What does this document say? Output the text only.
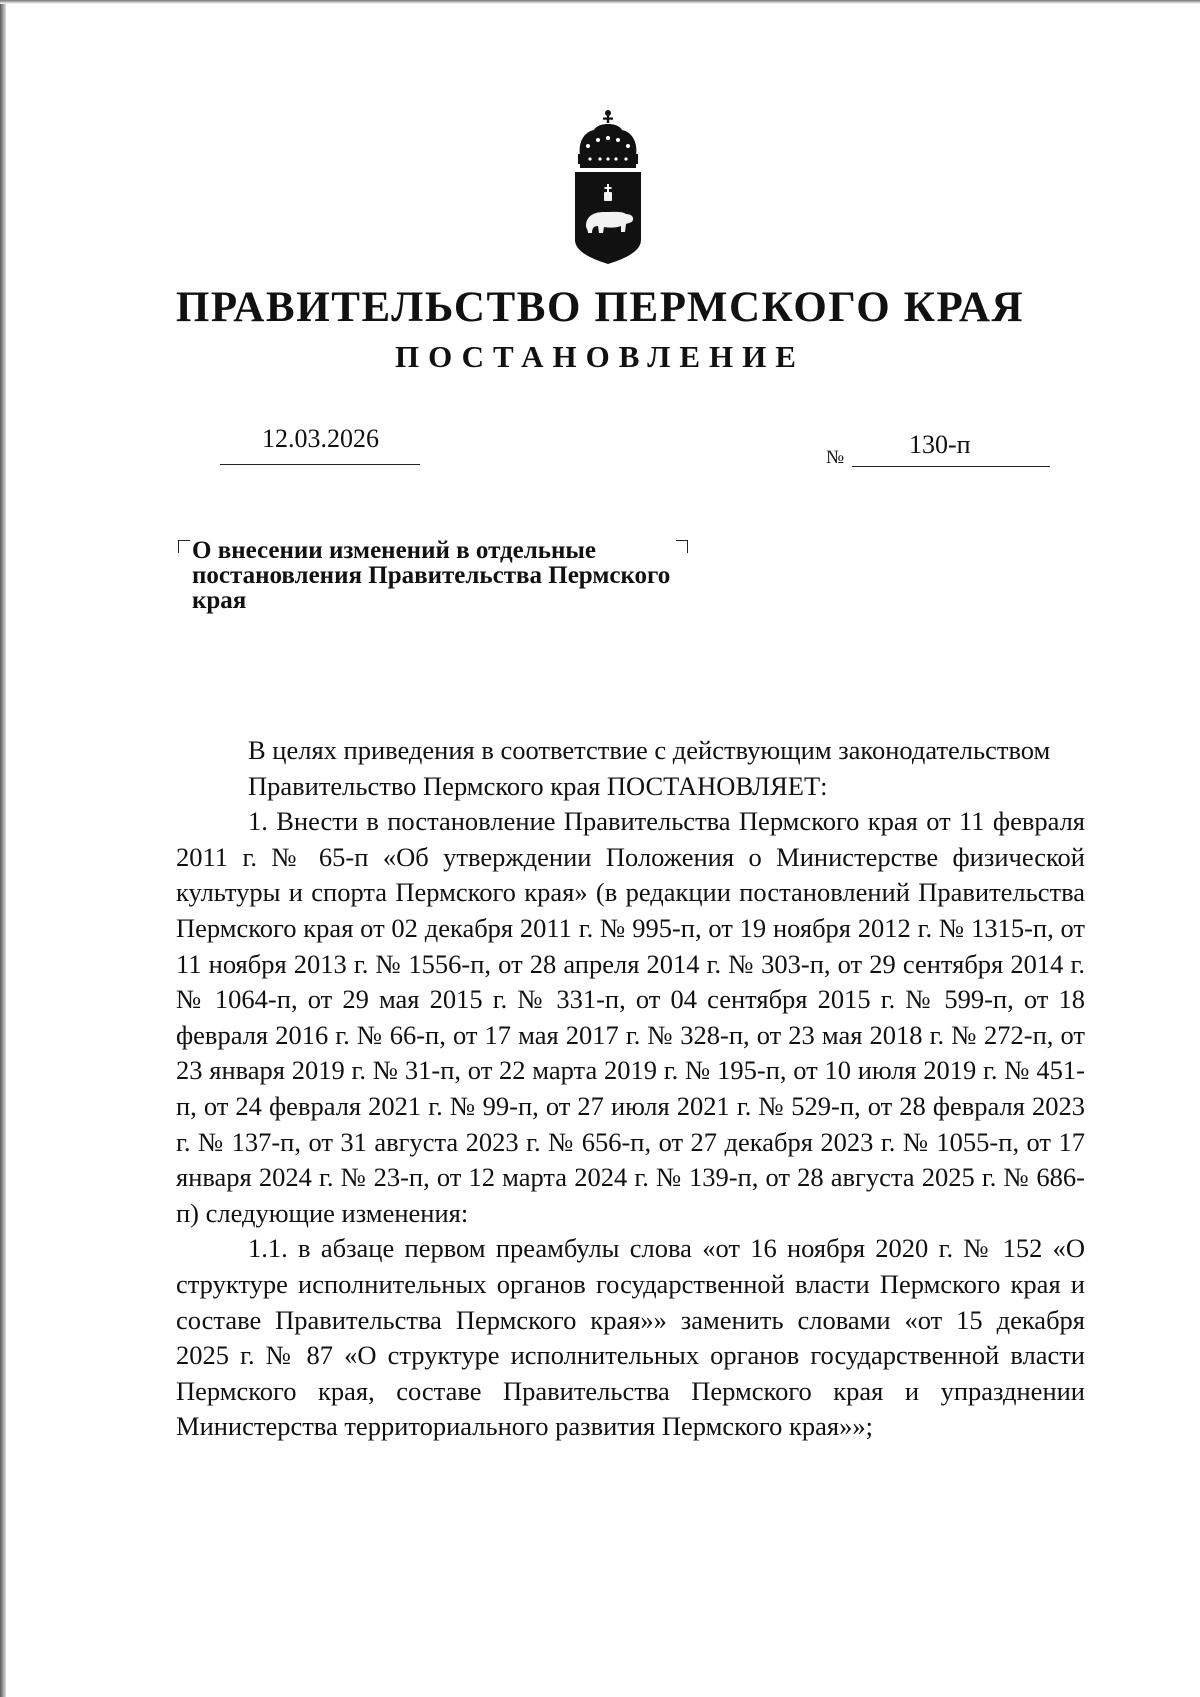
ПРАВИТЕЛЬСТВО ПЕРМСКОГО КРАЯ
ПОСТАНОВЛЕНИЕ
12.03.2026
№ 130-п
О внесении изменений в отдельные постановления Правительства Пермского края

В целях приведения в соответствие с действующим законодательством

Правительство Пермского края ПОСТАНОВЛЯЕТ:

1. Внести в постановление Правительства Пермского края от 11 февраля 2011 г. № 65-п «Об утверждении Положения о Министерстве физической культуры и спорта Пермского края» (в редакции постановлений Правительства Пермского края от 02 декабря 2011 г. № 995-п, от 19 ноября 2012 г. № 1315-п, от 11 ноября 2013 г. № 1556-п, от 28 апреля 2014 г. № 303-п, от 29 сентября 2014 г. № 1064-п, от 29 мая 2015 г. № 331-п, от 04 сентября 2015 г. № 599-п, от 18 февраля 2016 г. № 66-п, от 17 мая 2017 г. № 328-п, от 23 мая 2018 г. № 272-п, от 23 января 2019 г. № 31-п, от 22 марта 2019 г. № 195-п, от 10 июля 2019 г. № 451-п, от 24 февраля 2021 г. № 99-п, от 27 июля 2021 г. № 529-п, от 28 февраля 2023 г. № 137-п, от 31 августа 2023 г. № 656-п, от 27 декабря 2023 г. № 1055-п, от 17 января 2024 г. № 23-п, от 12 марта 2024 г. № 139-п, от 28 августа 2025 г. № 686-п) следующие изменения:

1.1. в абзаце первом преамбулы слова «от 16 ноября 2020 г. № 152 «О структуре исполнительных органов государственной власти Пермского края и составе Правительства Пермского края»» заменить словами «от 15 декабря 2025 г. № 87 «О структуре исполнительных органов государственной власти Пермского края, составе Правительства Пермского края и упразднении Министерства территориального развития Пермского края»»;
